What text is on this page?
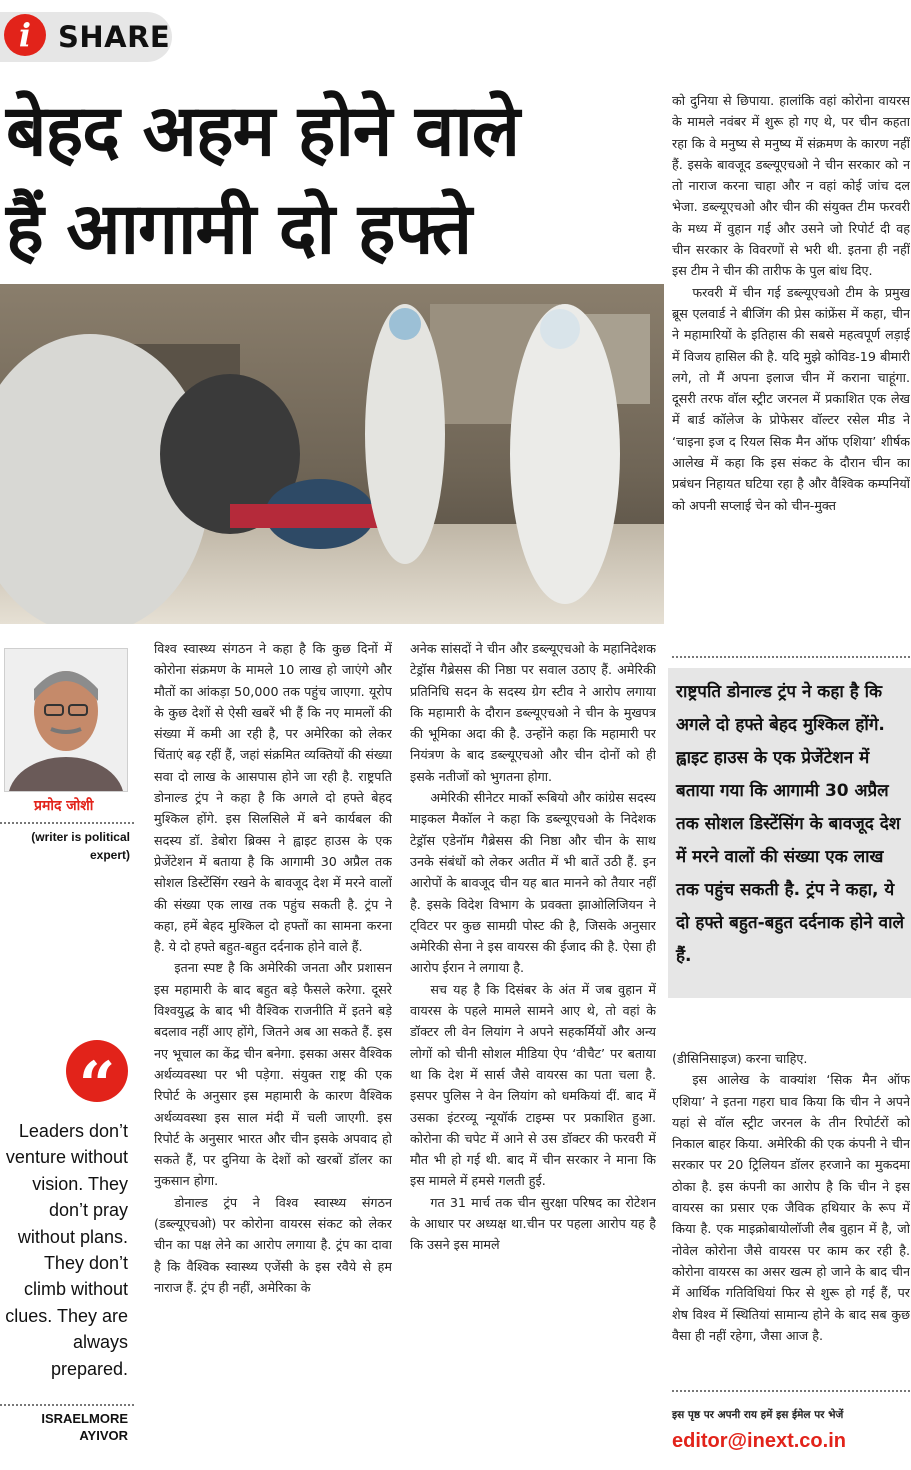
i SHARE
बेहद अहम होने वाले
हैं आगामी दो हफ्ते
प्रमोद जोशी
(writer is political expert)
“
Leaders don’t venture without vision. They don’t pray without plans. They don’t climb without clues. They are always prepared.
ISRAELMORE AYIVOR

विश्व स्वास्थ्य संगठन ने कहा है कि कुछ दिनों में कोरोना संक्रमण के मामले 10 लाख हो जाएंगे और मौतों का आंकड़ा 50,000 तक पहुंच जाएगा. यूरोप के कुछ देशों से ऐसी खबरें भी हैं कि नए मामलों की संख्या में कमी आ रही है, पर अमेरिका को लेकर चिंताएं बढ़ रहीं हैं, जहां संक्रमित व्यक्तियों की संख्या सवा दो लाख के आसपास होने जा रही है. राष्ट्रपति डोनाल्ड ट्रंप ने कहा है कि अगले दो हफ्ते बेहद मुश्किल होंगे. इस सिलसिले में बने कार्यबल की सदस्य डॉ. डेबोरा ब्रिक्स ने ह्वाइट हाउस के एक प्रेजेंटेशन में बताया है कि आगामी 30 अप्रैल तक सोशल डिस्टेंसिंग रखने के बावजूद देश में मरने वालों की संख्या एक लाख तक पहुंच सकती है. ट्रंप ने कहा, हमें बेहद मुश्किल दो हफ्तों का सामना करना है. ये दो हफ्ते बहुत-बहुत दर्दनाक होने वाले हैं.

इतना स्पष्ट है कि अमेरिकी जनता और प्रशासन इस महामारी के बाद बहुत बड़े फैसले करेगा. दूसरे विश्वयुद्ध के बाद भी वैश्विक राजनीति में इतने बड़े बदलाव नहीं आए होंगे, जितने अब आ सकते हैं. इस नए भूचाल का केंद्र चीन बनेगा. इसका असर वैश्विक अर्थव्यवस्था पर भी पड़ेगा. संयुक्त राष्ट्र की एक रिपोर्ट के अनुसार इस महामारी के कारण वैश्विक अर्थव्यवस्था इस साल मंदी में चली जाएगी. इस रिपोर्ट के अनुसार भारत और चीन इसके अपवाद हो सकते हैं, पर दुनिया के देशों को खरबों डॉलर का नुकसान होगा.

डोनाल्ड ट्रंप ने विश्व स्वास्थ्य संगठन (डब्ल्यूएचओ) पर कोरोना वायरस संकट को लेकर चीन का पक्ष लेने का आरोप लगाया है. ट्रंप का दावा है कि वैश्विक स्वास्थ्य एजेंसी के इस रवैये से हम नाराज हैं. ट्रंप ही नहीं, अमेरिका के

अनेक सांसदों ने चीन और डब्ल्यूएचओ के महानिदेशक टेड्रॉस गैब्रेसस की निष्ठा पर सवाल उठाए हैं. अमेरिकी प्रतिनिधि सदन के सदस्य ग्रेग स्टीव ने आरोप लगाया कि महामारी के दौरान डब्ल्यूएचओ ने चीन के मुखपत्र की भूमिका अदा की है. उन्होंने कहा कि महामारी पर नियंत्रण के बाद डब्ल्यूएचओ और चीन दोनों को ही इसके नतीजों को भुगतना होगा.

अमेरिकी सीनेटर मार्को रूबियो और कांग्रेस सदस्य माइकल मैकॉल ने कहा कि डब्ल्यूएचओ के निदेशक टेड्रॉस एडेनॉम गैब्रेसस की निष्ठा और चीन के साथ उनके संबंधों को लेकर अतीत में भी बातें उठी हैं. इन आरोपों के बावजूद चीन यह बात मानने को तैयार नहीं है. इसके विदेश विभाग के प्रवक्ता झाओलिजियन ने ट्विटर पर कुछ सामग्री पोस्ट की है, जिसके अनुसार अमेरिकी सेना ने इस वायरस की ईजाद की है. ऐसा ही आरोप ईरान ने लगाया है.

सच यह है कि दिसंबर के अंत में जब वुहान में वायरस के पहले मामले सामने आए थे, तो वहां के डॉक्टर ली वेन लियांग ने अपने सहकर्मियों और अन्य लोगों को चीनी सोशल मीडिया ऐप ‘वीचैट’ पर बताया था कि देश में सार्स जैसे वायरस का पता चला है. इसपर पुलिस ने वेन लियांग को धमकियां दीं. बाद में उसका इंटरव्यू न्यूयॉर्क टाइम्स पर प्रकाशित हुआ. कोरोना की चपेट में आने से उस डॉक्टर की फरवरी में मौत भी हो गई थी. बाद में चीन सरकार ने माना कि इस मामले में हमसे गलती हुई.

गत 31 मार्च तक चीन सुरक्षा परिषद का रोटेशन के आधार पर अध्यक्ष था.चीन पर पहला आरोप यह है कि उसने इस मामले

को दुनिया से छिपाया. हालांकि वहां कोरोना वायरस के मामले नवंबर में शुरू हो गए थे, पर चीन कहता रहा कि वे मनुष्य से मनुष्य में संक्रमण के कारण नहीं हैं. इसके बावजूद डब्ल्यूएचओ ने चीन सरकार को न तो नाराज करना चाहा और न वहां कोई जांच दल भेजा. डब्ल्यूएचओ और चीन की संयुक्त टीम फरवरी के मध्य में वुहान गई और उसने जो रिपोर्ट दी वह चीन सरकार के विवरणों से भरी थी. इतना ही नहीं इस टीम ने चीन की तारीफ के पुल बांध दिए.

फरवरी में चीन गई डब्ल्यूएचओ टीम के प्रमुख ब्रूस एलवार्ड ने बीजिंग की प्रेस कांफ्रेंस में कहा, चीन ने महामारियों के इतिहास की सबसे महत्वपूर्ण लड़ाई में विजय हासिल की है. यदि मुझे कोविड-19 बीमारी लगे, तो मैं अपना इलाज चीन में कराना चाहूंगा. दूसरी तरफ वॉल स्ट्रीट जरनल में प्रकाशित एक लेख में बार्ड कॉलेज के प्रोफेसर वॉल्टर रसेल मीड ने ‘चाइना इज द रियल सिक मैन ऑफ एशिया’ शीर्षक आलेख में कहा कि इस संकट के दौरान चीन का प्रबंधन निहायत घटिया रहा है और वैश्विक कम्पनियों को अपनी सप्लाई चेन को चीन-मुक्त

राष्ट्रपति डोनाल्ड ट्रंप ने कहा है कि अगले दो हफ्ते बेहद मुश्किल होंगे. ह्वाइट हाउस के एक प्रेजेंटेशन में बताया गया कि आगामी 30 अप्रैल तक सोशल डिस्टेंसिंग के बावजूद देश में मरने वालों की संख्या एक लाख तक पहुंच सकती है. ट्रंप ने कहा, ये दो हफ्ते बहुत-बहुत दर्दनाक होने वाले हैं.

(डीसिनिसाइज) करना चाहिए.

इस आलेख के वाक्यांश ‘सिक मैन ऑफ एशिया’ ने इतना गहरा घाव किया कि चीन ने अपने यहां से वॉल स्ट्रीट जरनल के तीन रिपोर्टरों को निकाल बाहर किया. अमेरिकी की एक कंपनी ने चीन सरकार पर 20 ट्रिलियन डॉलर हरजाने का मुकदमा ठोका है. इस कंपनी का आरोप है कि चीन ने इस वायरस का प्रसार एक जैविक हथियार के रूप में किया है. एक माइक्रोबायोलॉजी लैब वुहान में है, जो नोवेल कोरोना जैसे वायरस पर काम कर रही है. कोरोना वायरस का असर खत्म हो जाने के बाद चीन में आर्थिक गतिविधियां फिर से शुरू हो गई हैं, पर शेष विश्व में स्थितियां सामान्य होने के बाद सब कुछ वैसा ही नहीं रहेगा, जैसा आज है.

इस पृष्ठ पर अपनी राय हमें इस ईमेल पर भेजें
editor@inext.co.in
